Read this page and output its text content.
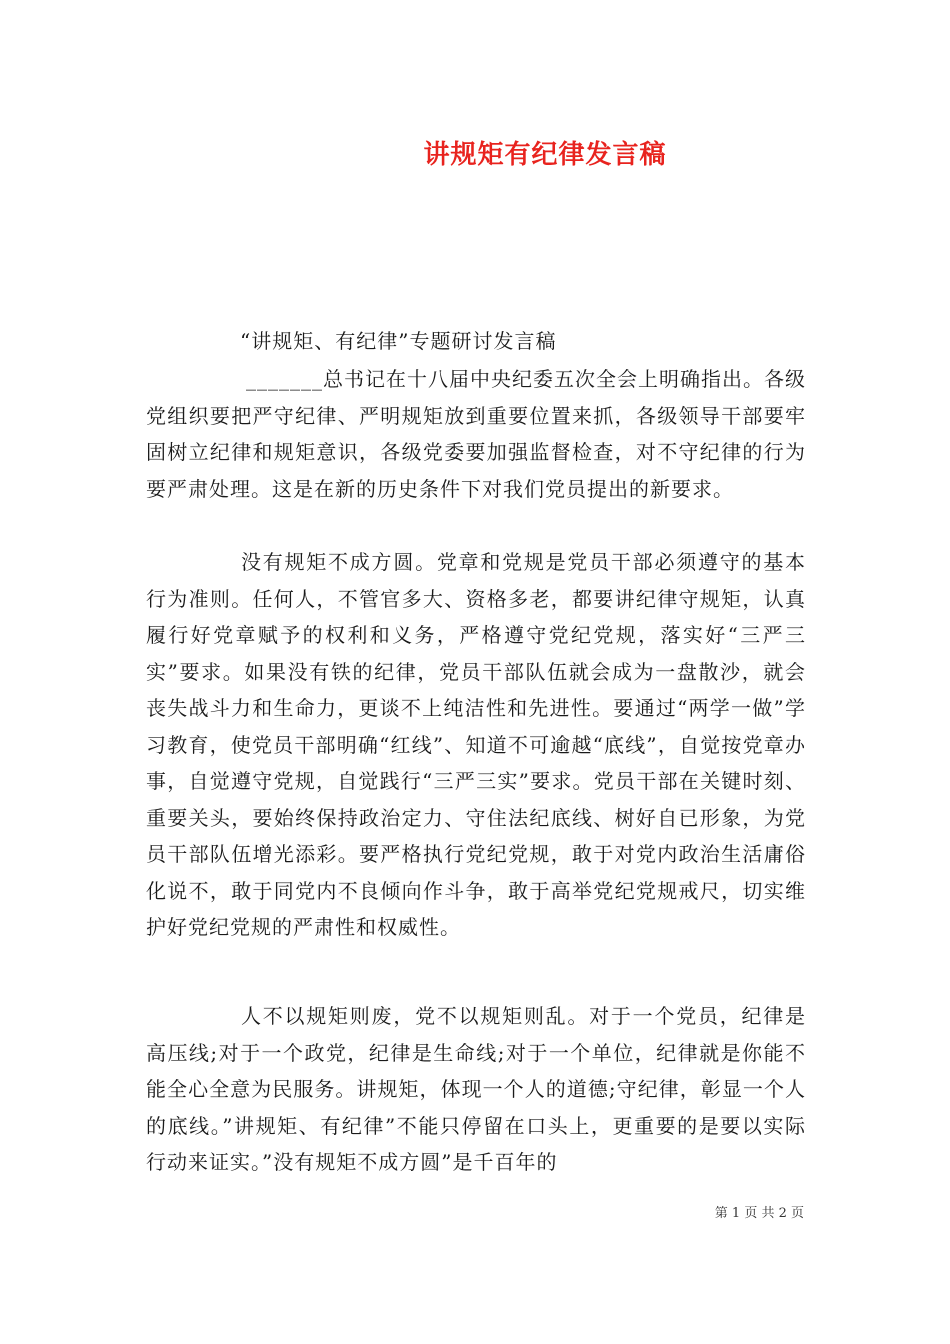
讲规矩有纪律发言稿
“讲规矩、有纪律”专题研讨发言稿

_______总书记在十八届中央纪委五次全会上明确指出。各级党组织要把严守纪律、严明规矩放到重要位置来抓，各级领导干部要牢固树立纪律和规矩意识，各级党委要加强监督检查，对不守纪律的行为要严肃处理。这是在新的历史条件下对我们党员提出的新要求。

没有规矩不成方圆。党章和党规是党员干部必须遵守的基本行为准则。任何人，不管官多大、资格多老，都要讲纪律守规矩，认真履行好党章赋予的权利和义务，严格遵守党纪党规，落实好“三严三实”要求。如果没有铁的纪律，党员干部队伍就会成为一盘散沙，就会丧失战斗力和生命力，更谈不上纯洁性和先进性。要通过“两学一做”学习教育，使党员干部明确“红线”、知道不可逾越“底线”，自觉按党章办事，自觉遵守党规，自觉践行“三严三实”要求。党员干部在关键时刻、重要关头，要始终保持政治定力、守住法纪底线、树好自已形象，为党员干部队伍增光添彩。要严格执行党纪党规，敢于对党内政治生活庸俗化说不，敢于同党内不良倾向作斗争，敢于高举党纪党规戒尺，切实维护好党纪党规的严肃性和权威性。

人不以规矩则废，党不以规矩则乱。对于一个党员，纪律是高压线;对于一个政党，纪律是生命线;对于一个单位，纪律就是你能不能全心全意为民服务。讲规矩，体现一个人的道德;守纪律，彰显一个人的底线。”讲规矩、有纪律”不能只停留在口头上，更重要的是要以实际行动来证实。”没有规矩不成方圆”是千百年的

第 1 页 共 2 页
